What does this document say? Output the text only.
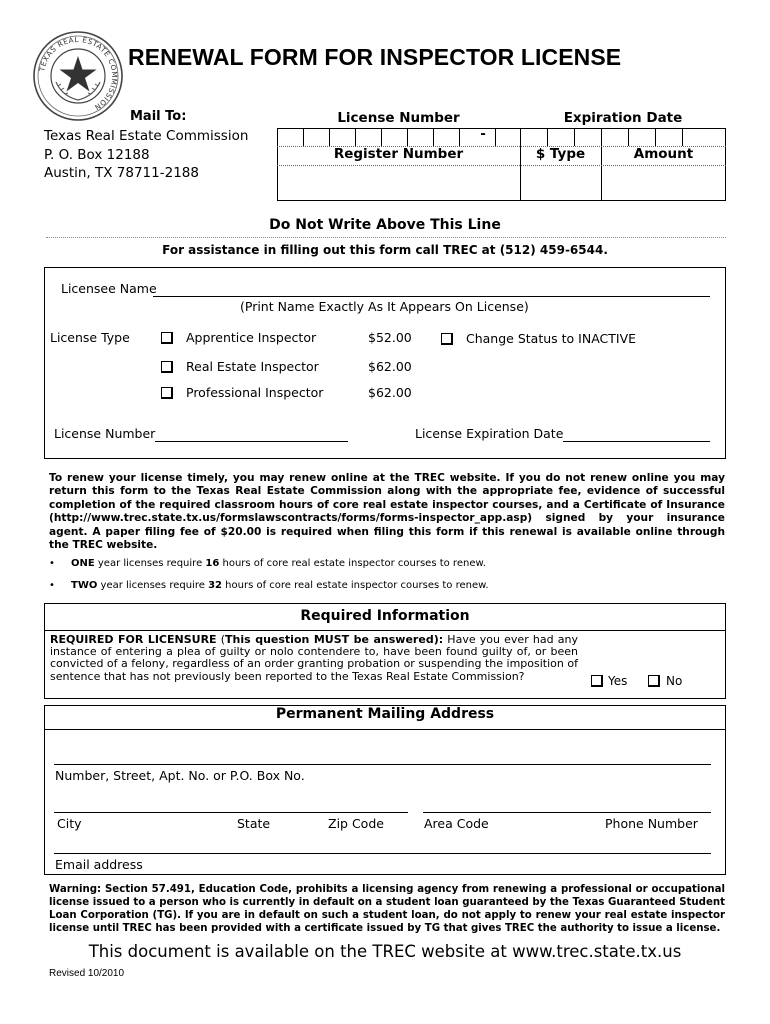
TEXAS REAL ESTATE COMMISSION
RENEWAL FORM FOR INSPECTOR LICENSE
Mail To:
Texas Real Estate Commission
P. O. Box 12188
Austin, TX 78711-2188
License Number	Expiration Date
-
Register Number	$ Type	Amount
Do Not Write Above This Line
For assistance in filling out this form call TREC at (512) 459-6544.
Licensee Name
(Print Name Exactly As It Appears On License)
License Type	Apprentice Inspector	$52.00	Change Status to INACTIVE
Real Estate Inspector	$62.00
Professional Inspector	$62.00
License Number	License Expiration Date
To renew your license timely, you may renew online at the TREC website. If you do not renew online you may return this form to the Texas Real Estate Commission along with the appropriate fee, evidence of successful completion of the required classroom hours of core real estate inspector courses, and a Certificate of Insurance (http://www.trec.state.tx.us/formslawscontracts/forms/forms-inspector_app.asp) signed by your insurance agent. A paper filing fee of $20.00 is required when filing this form if this renewal is available online through the TREC website.
• ONE year licenses require 16 hours of core real estate inspector courses to renew.
• TWO year licenses require 32 hours of core real estate inspector courses to renew.
Required Information
REQUIRED FOR LICENSURE (This question MUST be answered): Have you ever had any instance of entering a plea of guilty or nolo contendere to, have been found guilty of, or been convicted of a felony, regardless of an order granting probation or suspending the imposition of sentence that has not previously been reported to the Texas Real Estate Commission?	Yes	No
Permanent Mailing Address
Number, Street, Apt. No. or P.O. Box No.
City	State	Zip Code	Area Code	Phone Number
Email address
Warning: Section 57.491, Education Code, prohibits a licensing agency from renewing a professional or occupational license issued to a person who is currently in default on a student loan guaranteed by the Texas Guaranteed Student Loan Corporation (TG). If you are in default on such a student loan, do not apply to renew your real estate inspector license until TREC has been provided with a certificate issued by TG that gives TREC the authority to issue a license.
This document is available on the TREC website at www.trec.state.tx.us
Revised 10/2010
